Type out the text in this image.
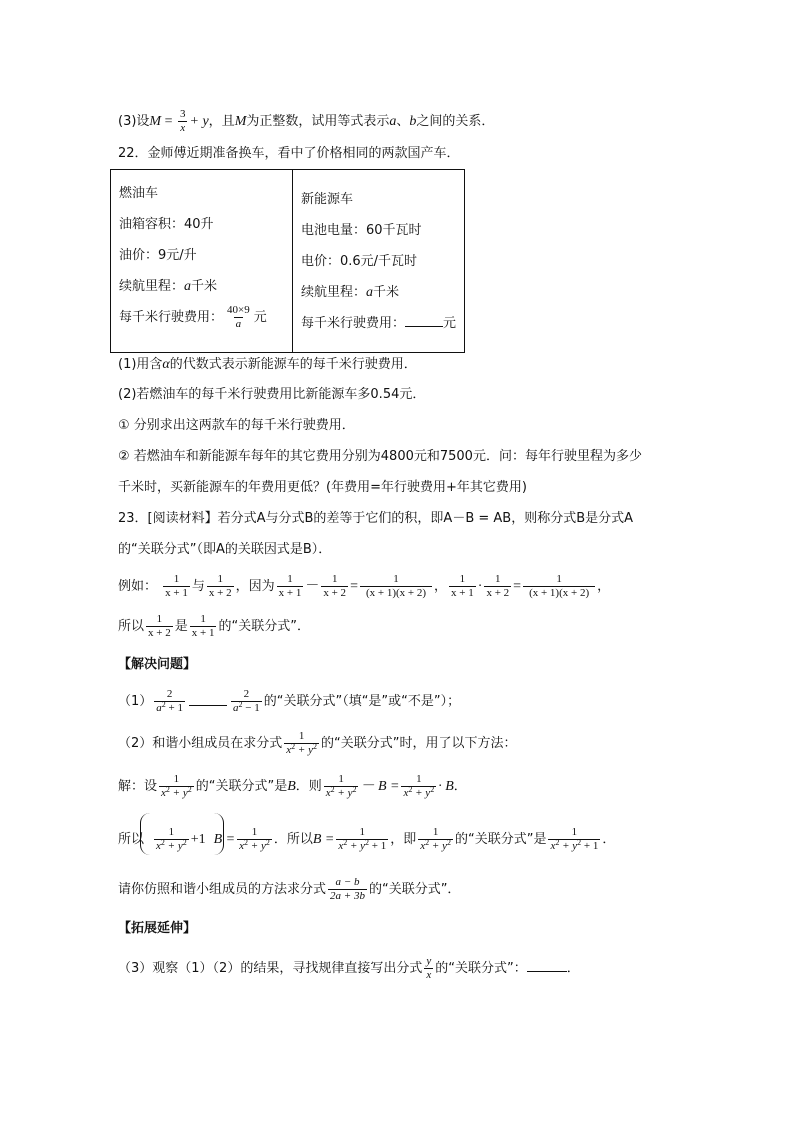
(3)设$M = \frac{3}{x} + y$，且M为正整数，试用等式表示a、b之间的关系．
22．金师傅近期准备换车，看中了价格相同的两款国产车．
燃油车
油箱容积：40升
油价：9元/升
续航里程：a千米
每千米行驶费用： $\frac{40\times 9}{a}$ 元

新能源车
电池电量：60千瓦时
电价：0.6元/千瓦时
续航里程：a千米
每千米行驶费用：	元
(1)用含α的代数式表示新能源车的每千米行驶费用．
(2)若燃油车的每千米行驶费用比新能源车多0.54元．
① 分别求出这两款车的每千米行驶费用．
② 若燃油车和新能源车每年的其它费用分别为4800元和7500元．问：每年行驶里程为多少
千米时，买新能源车的年费用更低？(年费用=年行驶费用+年其它费用)
23．[阅读材料】若分式A与分式B的差等于它们的积，即A－B = AB，则称分式B是分式A
的“关联分式”（即A的关联因式是B）．
例如： $\frac{1}{x + 1}$ 与 $\frac{1}{x + 2}$ ，因为 $\frac{1}{x + 1} - \frac{1}{x + 2} = \frac{1}{(x + 1)(x + 2)}$ ， $\frac{1}{x + 1} \cdot \frac{1}{x + 2} = \frac{1}{(x + 1)(x + 2)}$ ，
所以 $\frac{1}{x + 2}$ 是 $\frac{1}{x + 1}$ 的“关联分式”．
【解决问题】
$(1) \frac{2}{a^2 + 1}$	$\frac{2}{a^2 - 1}$ 的“关联分式”（填“是”或“不是”）；
（2）和谐小组成员在求分式 $\frac{1}{x^2 + y^2}$ 的“关联分式”时，用了以下方法：
解：设 $\frac{1}{x^2 + y^2}$ 的“关联分式”是B．则 $\frac{1}{x^2 + y^2} - B = \frac{1}{x^2 + y^2} \cdot B$．
所以 $\frac{1}{x^2 + y^2} +1$ $B = \frac{1}{x^2 + y^2}$ ．所以$B = \frac{1}{x^2 + y^2 + 1}$ ，即 $\frac{1}{x^2 + y^2}$ 的“关联分式”是 $\frac{1}{x^2 + y^2 + 1}$ ．
请你仿照和谐小组成员的方法求分式 $\frac{a - b}{2a + 3b}$ 的“关联分式”．
【拓展延伸】
（3）观察（1）（2）的结果，寻找规律直接写出分式 $\frac{y}{x}$ 的“关联分式”：	．
